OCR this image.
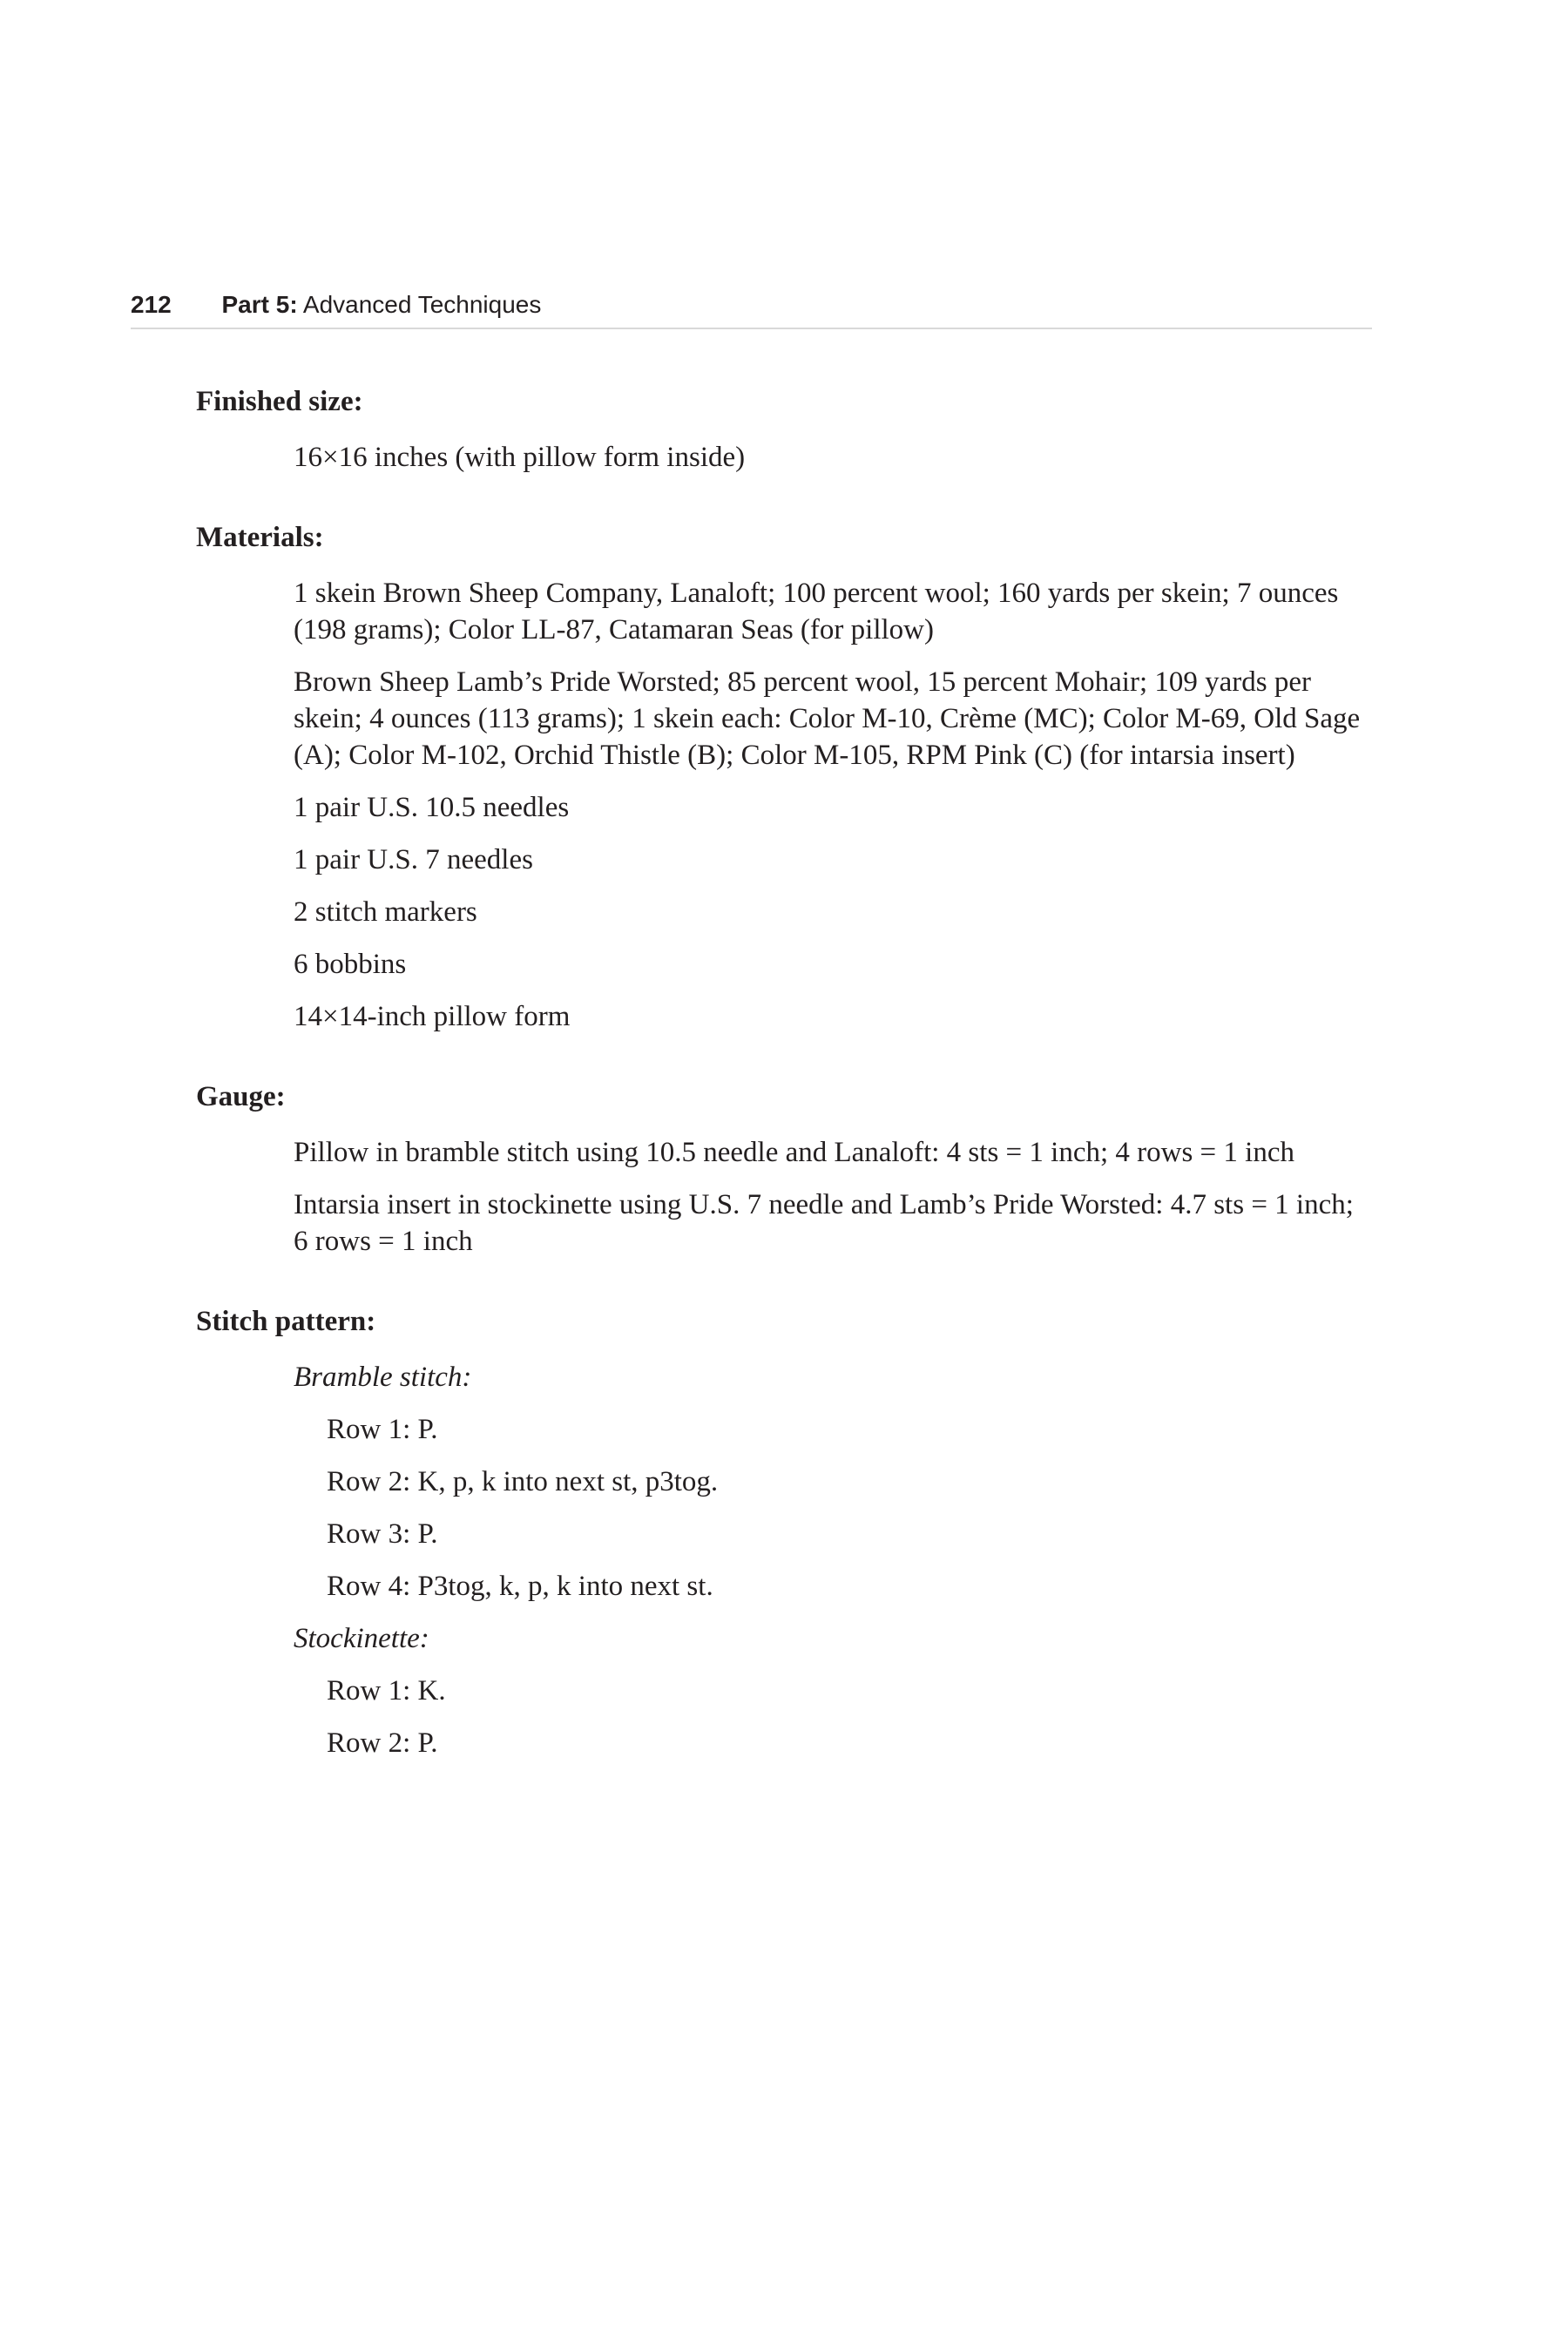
212 Part 5: Advanced Techniques
Finished size:
16×16 inches (with pillow form inside)
Materials:
1 skein Brown Sheep Company, Lanaloft; 100 percent wool; 160 yards per skein; 7 ounces (198 grams); Color LL-87, Catamaran Seas (for pillow)
Brown Sheep Lamb’s Pride Worsted; 85 percent wool, 15 percent Mohair; 109 yards per skein; 4 ounces (113 grams); 1 skein each: Color M-10, Crème (MC); Color M-69, Old Sage (A); Color M-102, Orchid Thistle (B); Color M-105, RPM Pink (C) (for intarsia insert)
1 pair U.S. 10.5 needles
1 pair U.S. 7 needles
2 stitch markers
6 bobbins
14×14-inch pillow form
Gauge:
Pillow in bramble stitch using 10.5 needle and Lanaloft: 4 sts = 1 inch; 4 rows = 1 inch
Intarsia insert in stockinette using U.S. 7 needle and Lamb’s Pride Worsted: 4.7 sts = 1 inch; 6 rows = 1 inch
Stitch pattern:
Bramble stitch:
Row 1: P.
Row 2: K, p, k into next st, p3tog.
Row 3: P.
Row 4: P3tog, k, p, k into next st.
Stockinette:
Row 1: K.
Row 2: P.
